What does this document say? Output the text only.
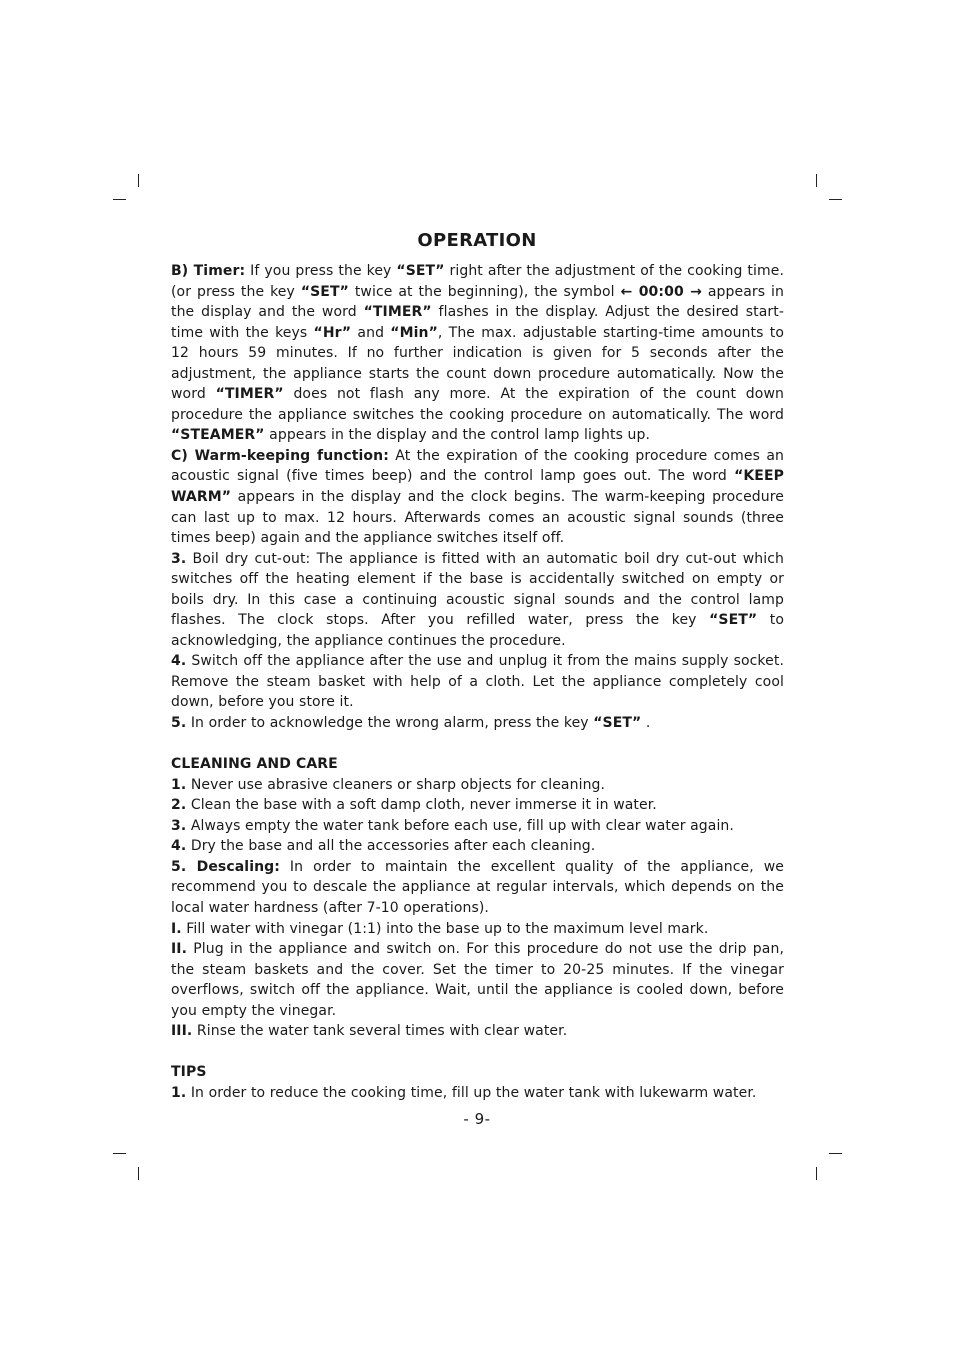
OPERATION

B) Timer: If you press the key “SET” right after the adjustment of the cooking time. (or press the key “SET” twice at the beginning), the symbol ← 00:00 → appears in the display and the word “TIMER” flashes in the display. Adjust the desired start-time with the keys “Hr” and “Min”, The max. adjustable starting-time amounts to 12 hours 59 minutes. If no further indication is given for 5 seconds after the adjustment, the appliance starts the count down procedure automatically. Now the word “TIMER” does not flash any more. At the expiration of the count down procedure the appliance switches the cooking procedure on automatically. The word “STEAMER” appears in the display and the control lamp lights up.

C) Warm-keeping function: At the expiration of the cooking procedure comes an acoustic signal (five times beep) and the control lamp goes out. The word “KEEP WARM” appears in the display and the clock begins. The warm-keeping procedure can last up to max. 12 hours. Afterwards comes an acoustic signal sounds (three times beep) again and the appliance switches itself off.

3. Boil dry cut-out: The appliance is fitted with an automatic boil dry cut-out which switches off the heating element if the base is accidentally switched on empty or boils dry. In this case a continuing acoustic signal sounds and the control lamp flashes. The clock stops. After you refilled water, press the key “SET” to acknowledging, the appliance continues the procedure.

4. Switch off the appliance after the use and unplug it from the mains supply socket. Remove the steam basket with help of a cloth. Let the appliance completely cool down, before you store it.

5. In order to acknowledge the wrong alarm, press the key “SET” .

CLEANING AND CARE

1. Never use abrasive cleaners or sharp objects for cleaning.

2. Clean the base with a soft damp cloth, never immerse it in water.

3. Always empty the water tank before each use, fill up with clear water again.

4. Dry the base and all the accessories after each cleaning.

5. Descaling: In order to maintain the excellent quality of the appliance, we recommend you to descale the appliance at regular intervals, which depends on the local water hardness (after 7-10 operations).

I. Fill water with vinegar (1:1) into the base up to the maximum level mark.

II. Plug in the appliance and switch on. For this procedure do not use the drip pan, the steam baskets and the cover. Set the timer to 20-25 minutes. If the vinegar overflows, switch off the appliance. Wait, until the appliance is cooled down, before you empty the vinegar.

III. Rinse the water tank several times with clear water.

TIPS

1. In order to reduce the cooking time, fill up the water tank with lukewarm water.

- 9-
